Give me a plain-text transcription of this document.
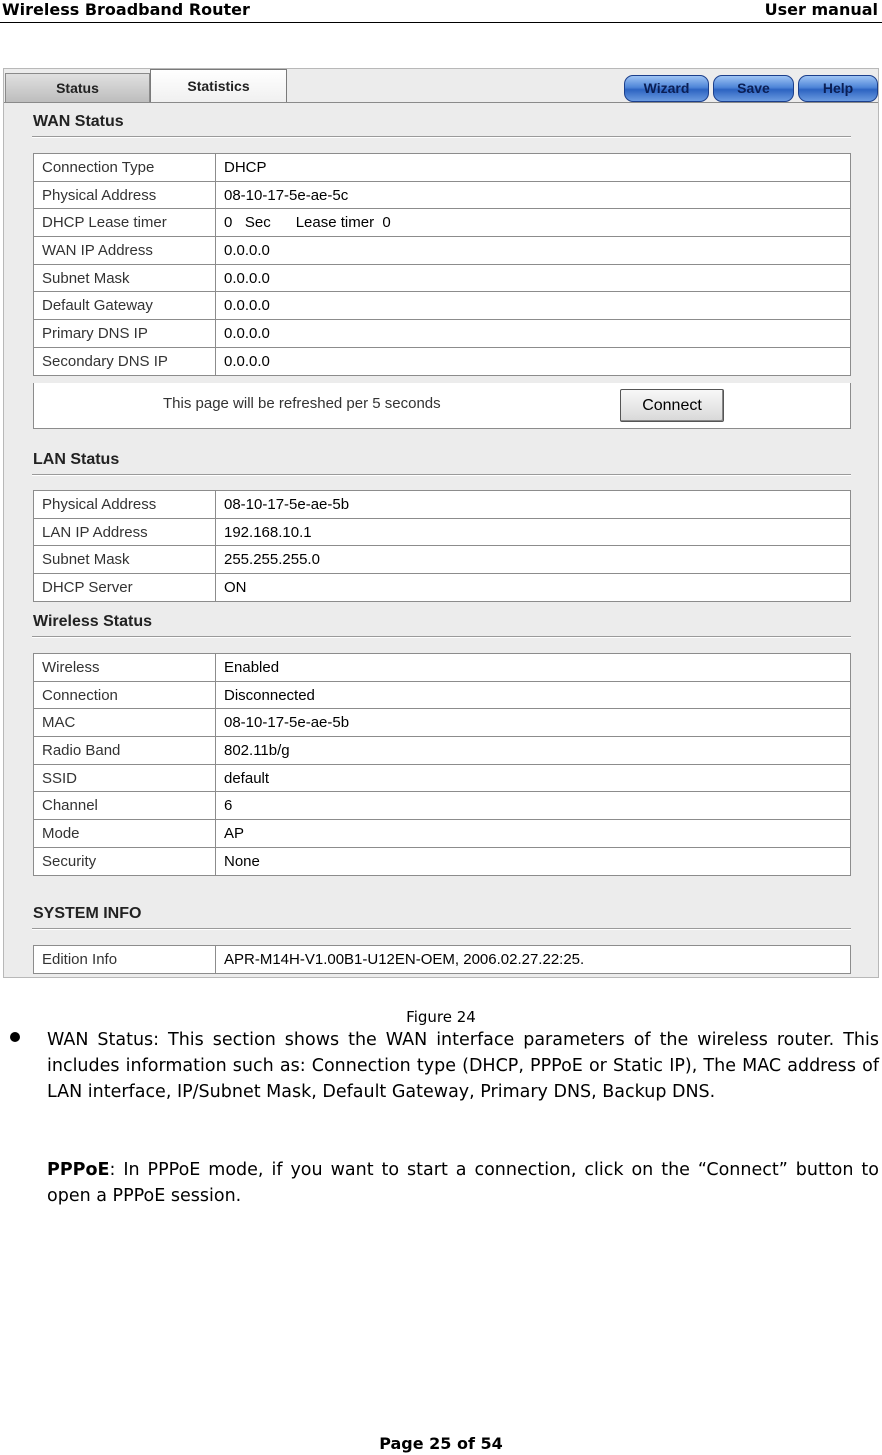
Wireless Broadband Router	User manual
Status	Statistics	Wizard	Save	Help
WAN Status
Connection Type	DHCP
Physical Address	08-10-17-5e-ae-5c
DHCP Lease timer	0   Sec      Lease timer  0
WAN IP Address	0.0.0.0
Subnet Mask	0.0.0.0
Default Gateway	0.0.0.0
Primary DNS IP	0.0.0.0
Secondary DNS IP	0.0.0.0
This page will be refreshed per 5 seconds	Connect
LAN Status
Physical Address	08-10-17-5e-ae-5b
LAN IP Address	192.168.10.1
Subnet Mask	255.255.255.0
DHCP Server	ON
Wireless Status
Wireless	Enabled
Connection	Disconnected
MAC	08-10-17-5e-ae-5b
Radio Band	802.11b/g
SSID	default
Channel	6
Mode	AP
Security	None
SYSTEM INFO
Edition Info	APR-M14H-V1.00B1-U12EN-OEM, 2006.02.27.22:25.
Figure 24
WAN Status: This section shows the WAN interface parameters of the wireless router. This includes information such as: Connection type (DHCP, PPPoE or Static IP), The MAC address of LAN interface, IP/Subnet Mask, Default Gateway, Primary DNS, Backup DNS.
PPPoE: In PPPoE mode, if you want to start a connection, click on the “Connect” button to open a PPPoE session.
Page 25 of 54
